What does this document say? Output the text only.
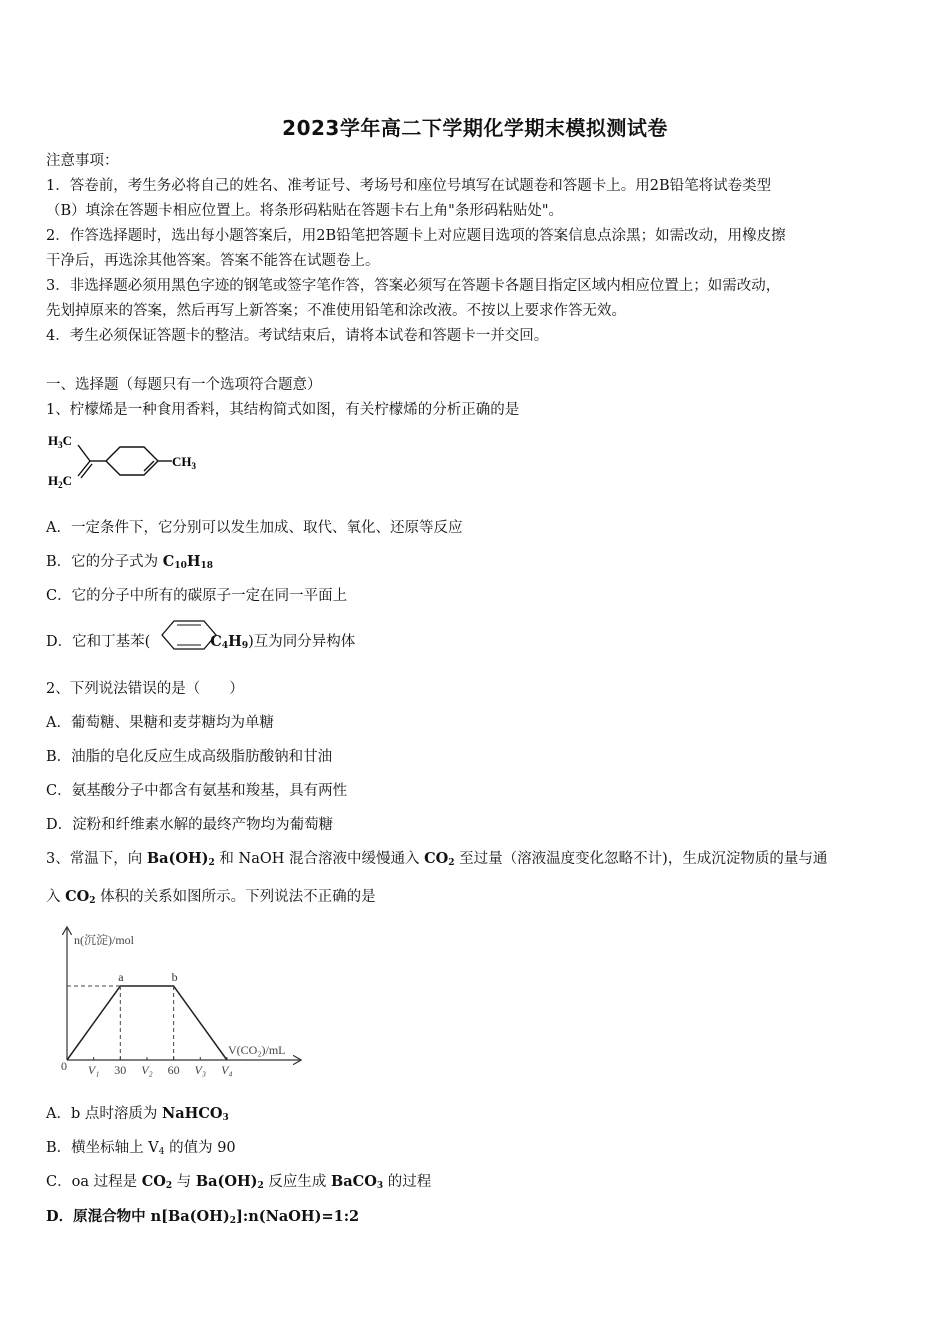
2023学年高二下学期化学期末模拟测试卷
注意事项：
1．答卷前，考生务必将自己的姓名、准考证号、考场号和座位号填写在试题卷和答题卡上。用2B铅笔将试卷类型
（B）填涂在答题卡相应位置上。将条形码粘贴在答题卡右上角"条形码粘贴处"。
2．作答选择题时，选出每小题答案后，用2B铅笔把答题卡上对应题目选项的答案信息点涂黑；如需改动，用橡皮擦
干净后，再选涂其他答案。答案不能答在试题卷上。
3．非选择题必须用黑色字迹的钢笔或签字笔作答，答案必须写在答题卡各题目指定区域内相应位置上；如需改动，
先划掉原来的答案，然后再写上新答案；不准使用铅笔和涂改液。不按以上要求作答无效。
4．考生必须保证答题卡的整洁。考试结束后，请将本试卷和答题卡一并交回。
一、选择题（每题只有一个选项符合题意）
1、柠檬烯是一种食用香料，其结构简式如图，有关柠檬烯的分析正确的是
$H_3C$
$H_2C$
$CH_3$
A．一定条件下，它分别可以发生加成、取代、氧化、还原等反应
B．它的分子式为 $C_{10}H_{18}$
C．它的分子中所有的碳原子一定在同一平面上
D．它和丁基苯(	$C_4H_9$)互为同分异构体
2、下列说法错误的是（　　）
A．葡萄糖、果糖和麦芽糖均为单糖
B．油脂的皂化反应生成高级脂肪酸钠和甘油
C．氨基酸分子中都含有氨基和羧基，具有两性
D．淀粉和纤维素水解的最终产物均为葡萄糖
3、常温下，向 $Ba(OH)_2$ 和 NaOH 混合溶液中缓慢通入 $CO_2$ 至过量（溶液温度变化忽略不计)，生成沉淀物质的量与通
入 $CO_2$ 体积的关系如图所示。下列说法不正确的是
n(沉淀)/mol
V(CO₂)/mL
0
a	b
V₁ 30 V₂ 60 V₃ V₄
A．b 点时溶质为 NaHCO$_3$
B．横坐标轴上 $V_4$ 的值为 90
C．oa 过程是 $CO_2$ 与 $Ba(OH)_2$ 反应生成 BaCO$_3$ 的过程
D．原混合物中 $n[Ba(OH)_2]:n(NaOH)=1:2$
